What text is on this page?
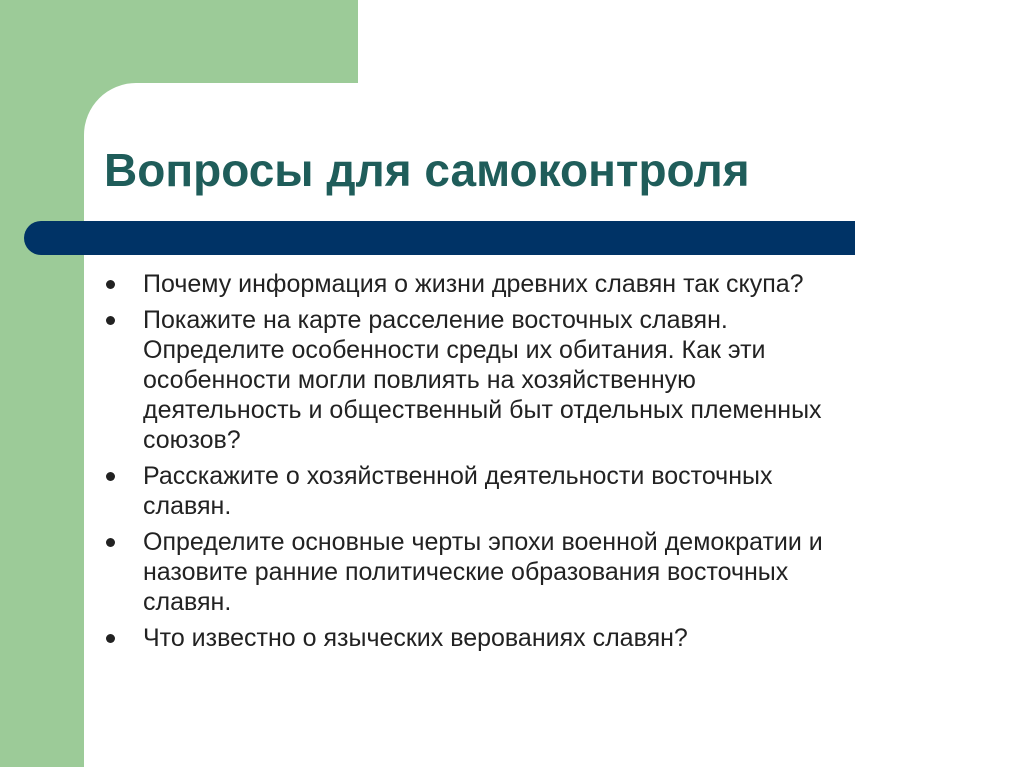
Вопросы для самоконтроля
Почему информация о жизни древних славян так скупа?
Покажите на карте расселение восточных славян.
Определите особенности среды их обитания. Как эти
особенности могли повлиять на хозяйственную
деятельность и общественный быт отдельных племенных
союзов?
Расскажите о хозяйственной деятельности восточных
славян.
Определите основные черты эпохи военной демократии и
назовите ранние политические образования восточных
славян.
Что известно о языческих верованиях славян?
